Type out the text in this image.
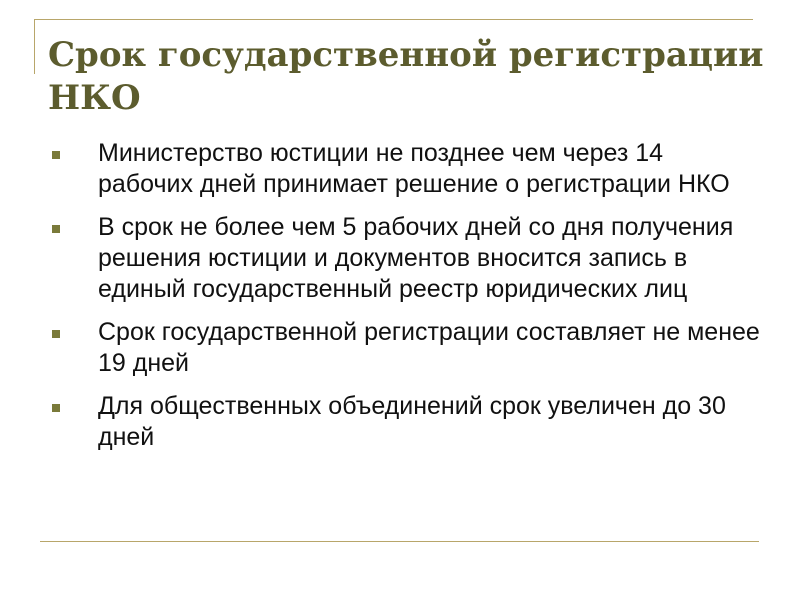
Срок государственной регистрации НКО
Министерство юстиции не позднее чем через 14 рабочих дней принимает решение о регистрации НКО
В срок не более чем 5 рабочих дней со дня получения решения юстиции и документов вносится запись в единый государственный реестр юридических лиц
Срок государственной регистрации составляет не менее 19 дней
Для общественных объединений срок увеличен до 30 дней
